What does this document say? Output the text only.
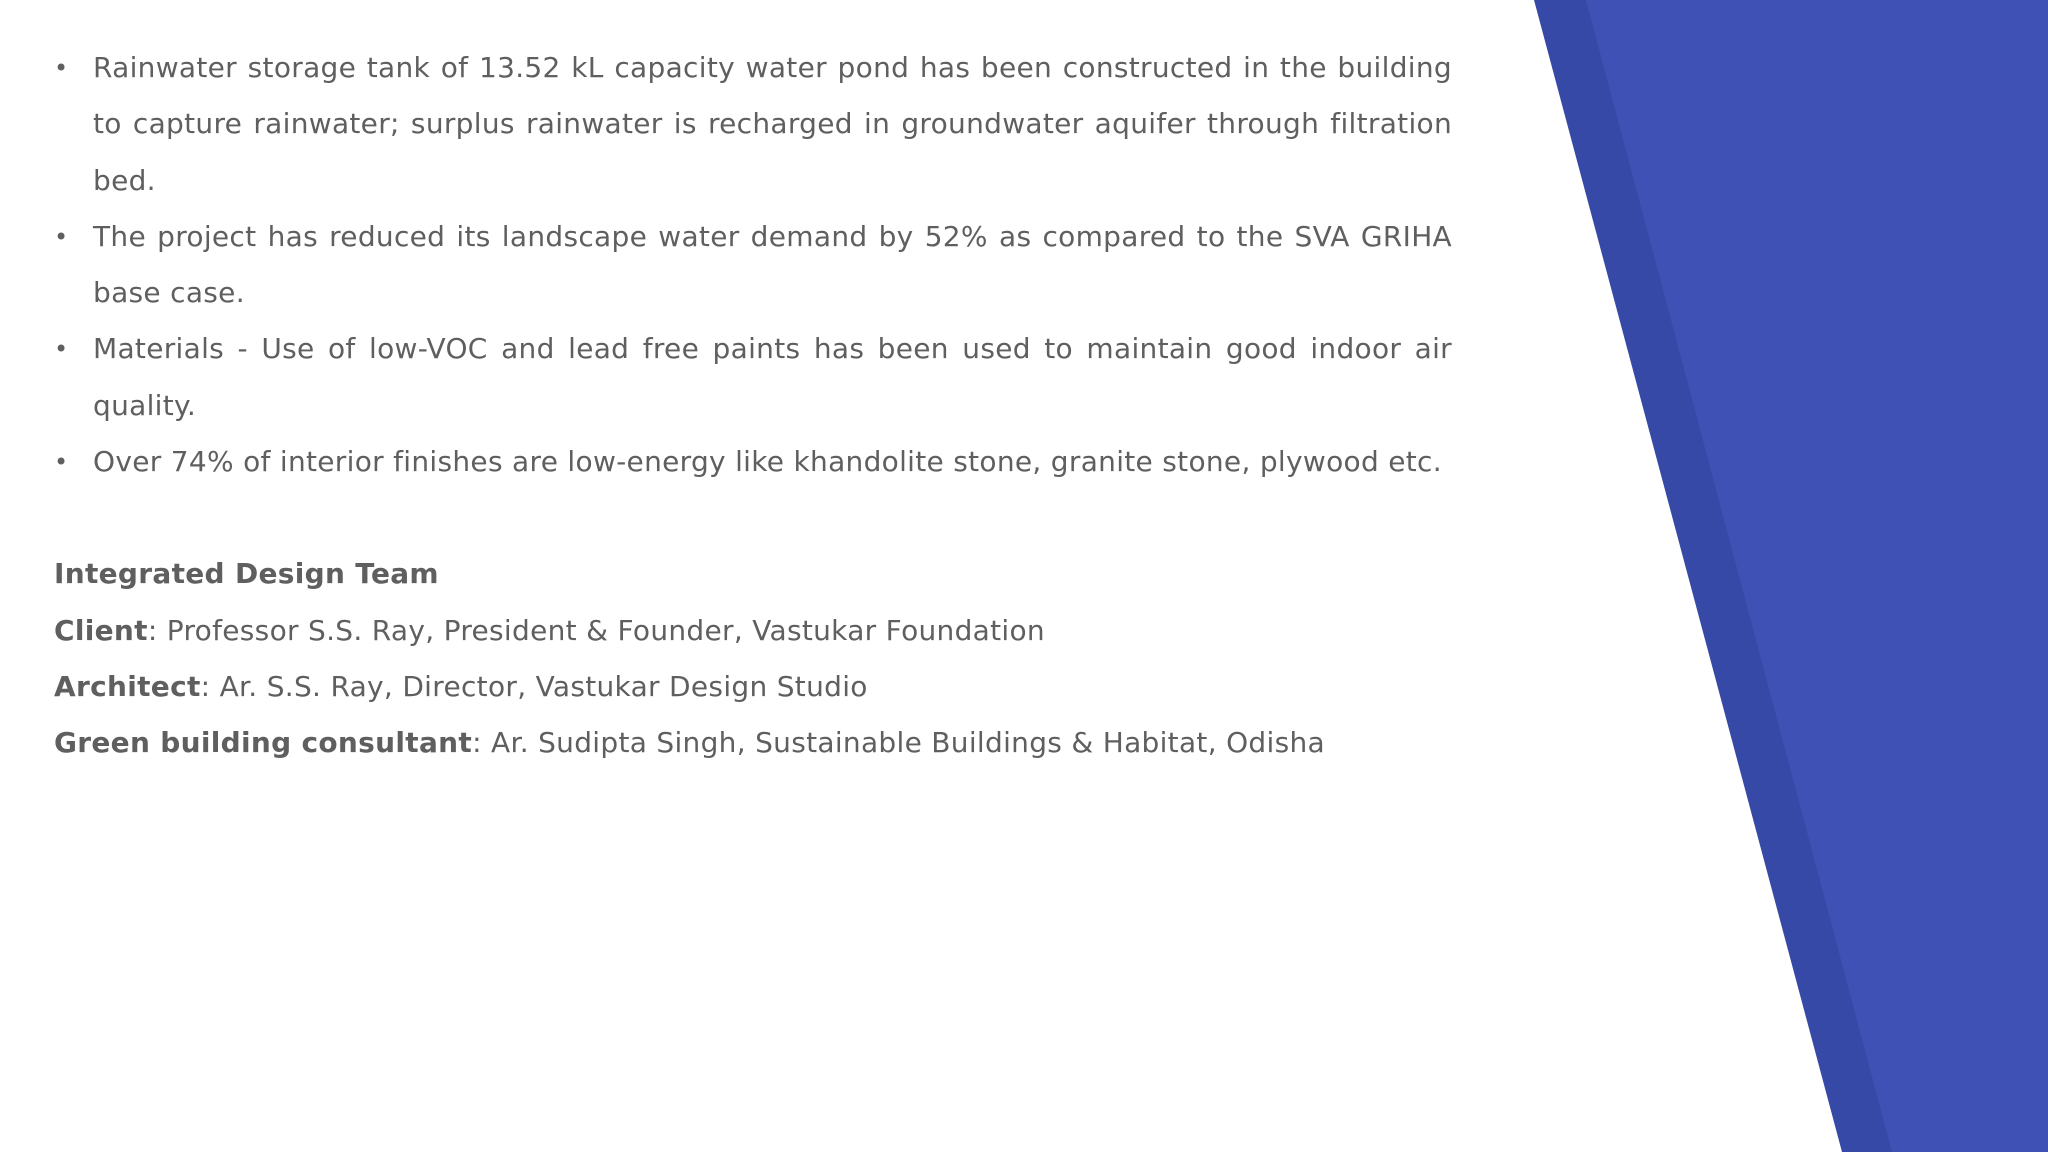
• Rainwater storage tank of 13.52 kL capacity water pond has been constructed in the building to capture rainwater; surplus rainwater is recharged in groundwater aquifer through filtration bed.
• The project has reduced its landscape water demand by 52% as compared to the SVA GRIHA base case.
• Materials - Use of low-VOC and lead free paints has been used to maintain good indoor air quality.
• Over 74% of interior finishes are low-energy like khandolite stone, granite stone, plywood etc.
Integrated Design Team
Client: Professor S.S. Ray, President & Founder, Vastukar Foundation
Architect: Ar. S.S. Ray, Director, Vastukar Design Studio
Green building consultant: Ar. Sudipta Singh, Sustainable Buildings & Habitat, Odisha
